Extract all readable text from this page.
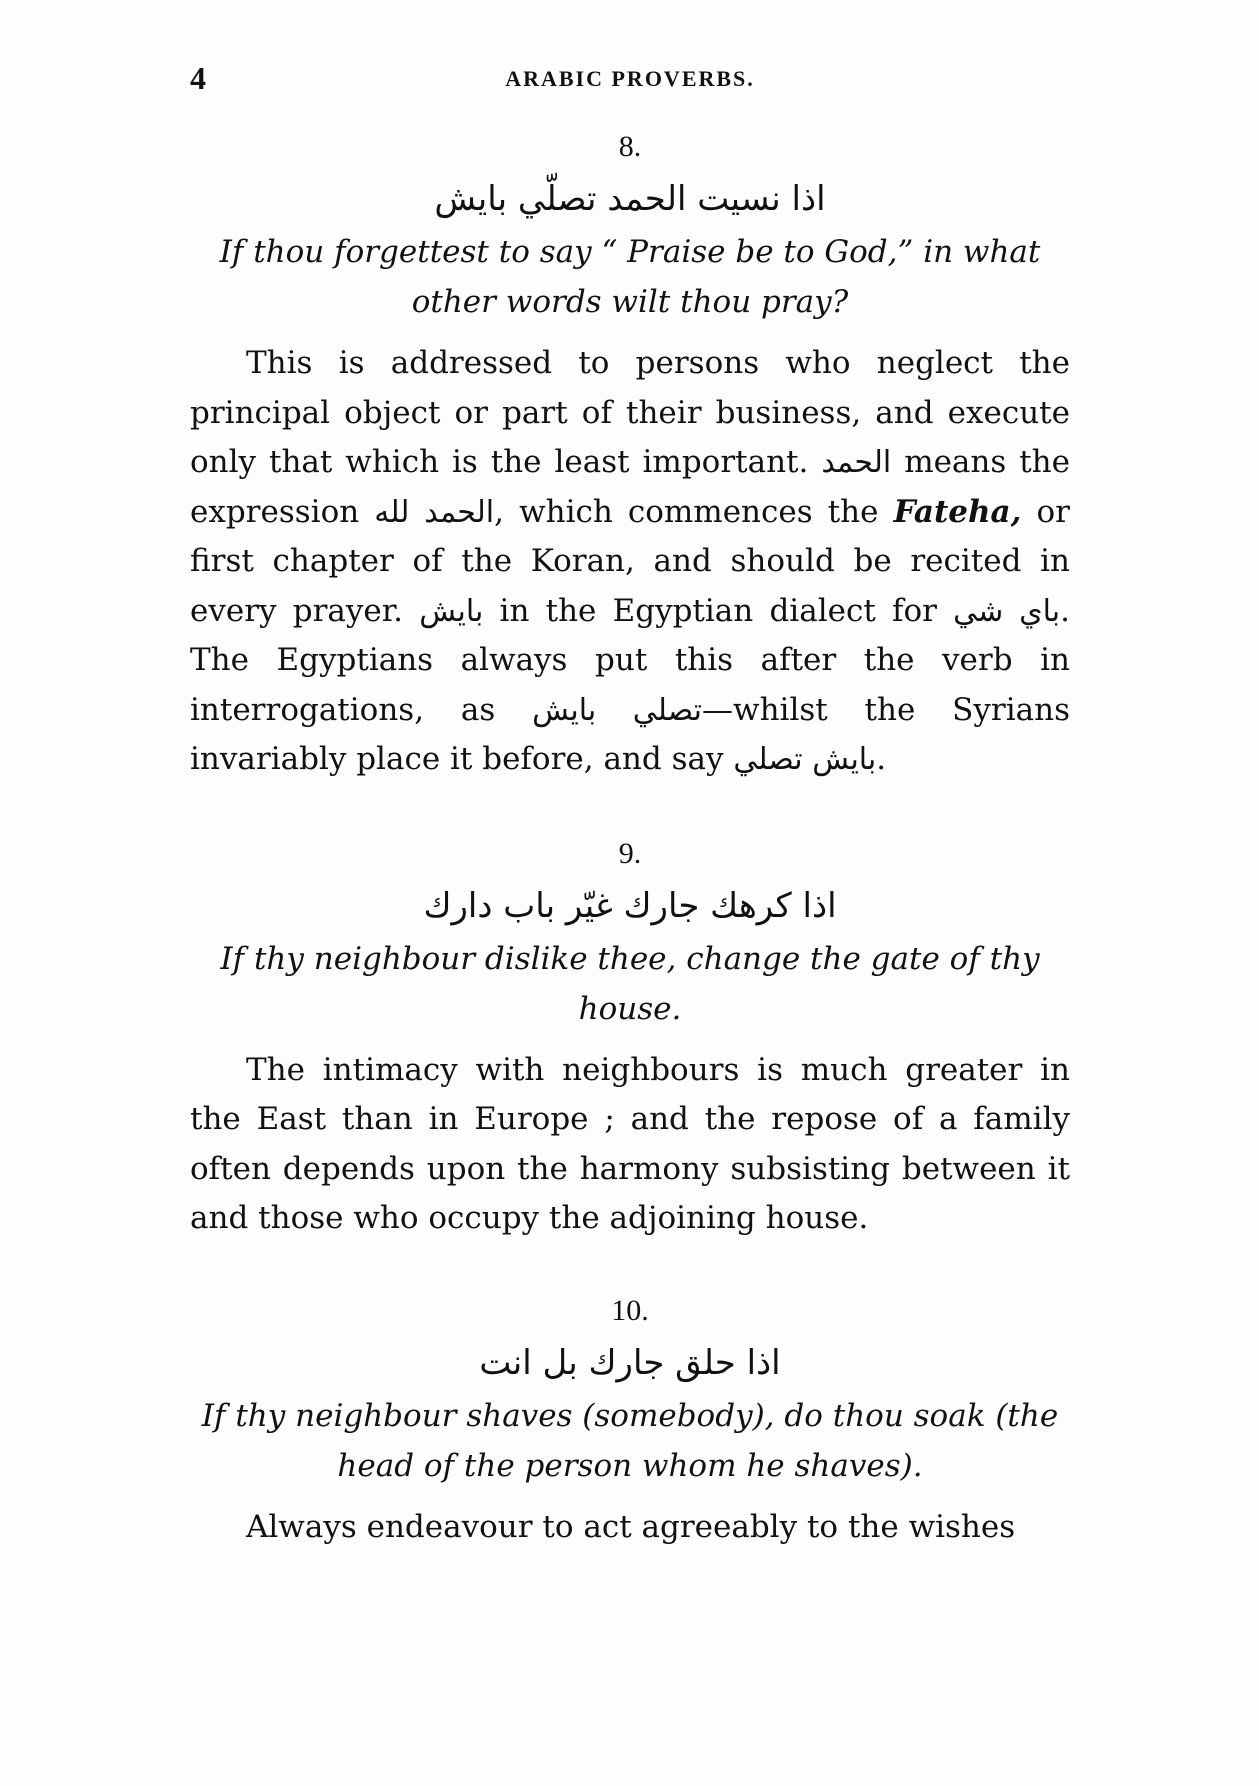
4	ARABIC PROVERBS.
8.
اذا نسيت الحمد تصلّي بايش
If thou forgettest to say “ Praise be to God,” in what other words wilt thou pray?

This is addressed to persons who neglect the principal object or part of their business, and execute only that which is the least important. الحمد means the expression الحمد لله, which commences the Fateha, or first chapter of the Koran, and should be recited in every prayer. بايش in the Egyptian dialect for باي شي. The Egyptians always put this after the verb in interrogations, as تصلي بايش—whilst the Syrians invariably place it before, and say بايش تصلي.

9.
اذا كرهك جارك غيّر باب دارك
If thy neighbour dislike thee, change the gate of thy house.

The intimacy with neighbours is much greater in the East than in Europe ; and the repose of a family often depends upon the harmony subsisting between it and those who occupy the adjoining house.

10.
اذا حلق جارك بل انت
If thy neighbour shaves (somebody), do thou soak (the head of the person whom he shaves).

Always endeavour to act agreeably to the wishes
